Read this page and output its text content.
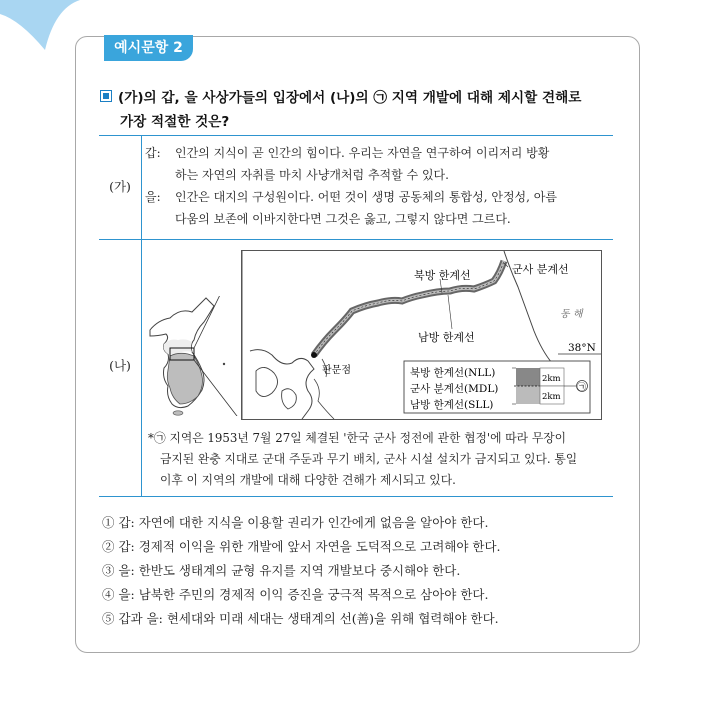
예시문항 2
(가)의 갑, 을 사상가들의 입장에서 (나)의 ㉠ 지역 개발에 대해 제시할 견해로
가장 적절한 것은?
(가)
(나)
갑: 인간의 지식이 곧 인간의 힘이다. 우리는 자연을 연구하여 이리저리 방황
하는 자연의 자취를 마치 사냥개처럼 추적할 수 있다.
을: 인간은 대지의 구성원이다. 어떤 것이 생명 공동체의 통합성, 안정성, 아름
다움의 보존에 이바지한다면 그것은 옳고, 그렇지 않다면 그르다.
북방 한계선	군사 분계선
남방 한계선
동 해
38°N
판문점	북방 한계선(NLL)
군사 분계선(MDL)
남방 한계선(SLL)
2km
2km
㉠
*㉠ 지역은 1953년 7월 27일 체결된 '한국 군사 정전에 관한 협정'에 따라 무장이
금지된 완충 지대로 군대 주둔과 무기 배치, 군사 시설 설치가 금지되고 있다. 통일
이후 이 지역의 개발에 대해 다양한 견해가 제시되고 있다.
① 갑: 자연에 대한 지식을 이용할 권리가 인간에게 없음을 알아야 한다.
② 갑: 경제적 이익을 위한 개발에 앞서 자연을 도덕적으로 고려해야 한다.
③ 을: 한반도 생태계의 균형 유지를 지역 개발보다 중시해야 한다.
④ 을: 남북한 주민의 경제적 이익 증진을 궁극적 목적으로 삼아야 한다.
⑤ 갑과 을: 현세대와 미래 세대는 생태계의 선(善)을 위해 협력해야 한다.
